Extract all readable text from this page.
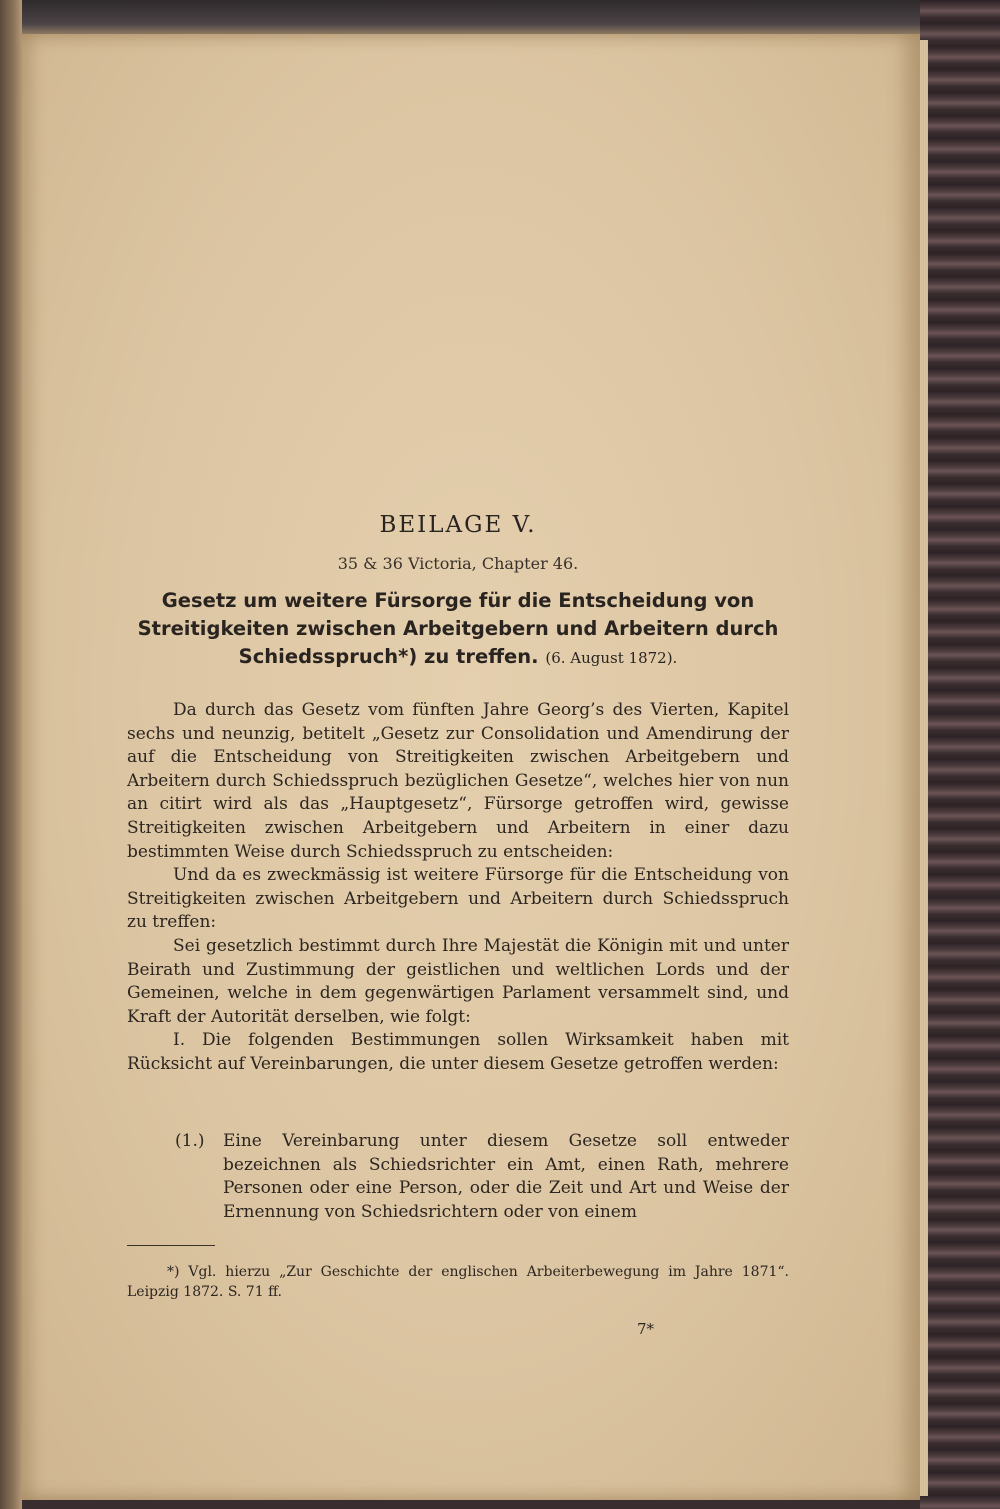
BEILAGE V.
35 & 36 Victoria, Chapter 46.
Gesetz um weitere Fürsorge für die Entscheidung von Streitigkeiten zwischen Arbeitgebern und Arbeitern durch Schiedsspruch*) zu treffen. (6. August 1872).

Da durch das Gesetz vom fünften Jahre Georg’s des Vierten, Kapitel sechs und neunzig, betitelt „Gesetz zur Consolidation und Amendirung der auf die Entscheidung von Streitigkeiten zwischen Arbeitgebern und Arbeitern durch Schiedsspruch bezüglichen Gesetze“, welches hier von nun an citirt wird als das „Hauptgesetz“, Fürsorge getroffen wird, gewisse Streitigkeiten zwischen Arbeitgebern und Arbeitern in einer dazu bestimmten Weise durch Schiedsspruch zu entscheiden:

Und da es zweckmässig ist weitere Fürsorge für die Entscheidung von Streitigkeiten zwischen Arbeitgebern und Arbeitern durch Schiedsspruch zu treffen:

Sei gesetzlich bestimmt durch Ihre Majestät die Königin mit und unter Beirath und Zustimmung der geistlichen und weltlichen Lords und der Gemeinen, welche in dem gegenwärtigen Parlament versammelt sind, und Kraft der Autorität derselben, wie folgt:

I. Die folgenden Bestimmungen sollen Wirksamkeit haben mit Rücksicht auf Vereinbarungen, die unter diesem Gesetze getroffen werden:

(1.) Eine Vereinbarung unter diesem Gesetze soll entweder bezeichnen als Schiedsrichter ein Amt, einen Rath, mehrere Personen oder eine Person, oder die Zeit und Art und Weise der Ernennung von Schiedsrichtern oder von einem

*) Vgl. hierzu „Zur Geschichte der englischen Arbeiterbewegung im Jahre 1871“. Leipzig 1872. S. 71 ff.

7*
